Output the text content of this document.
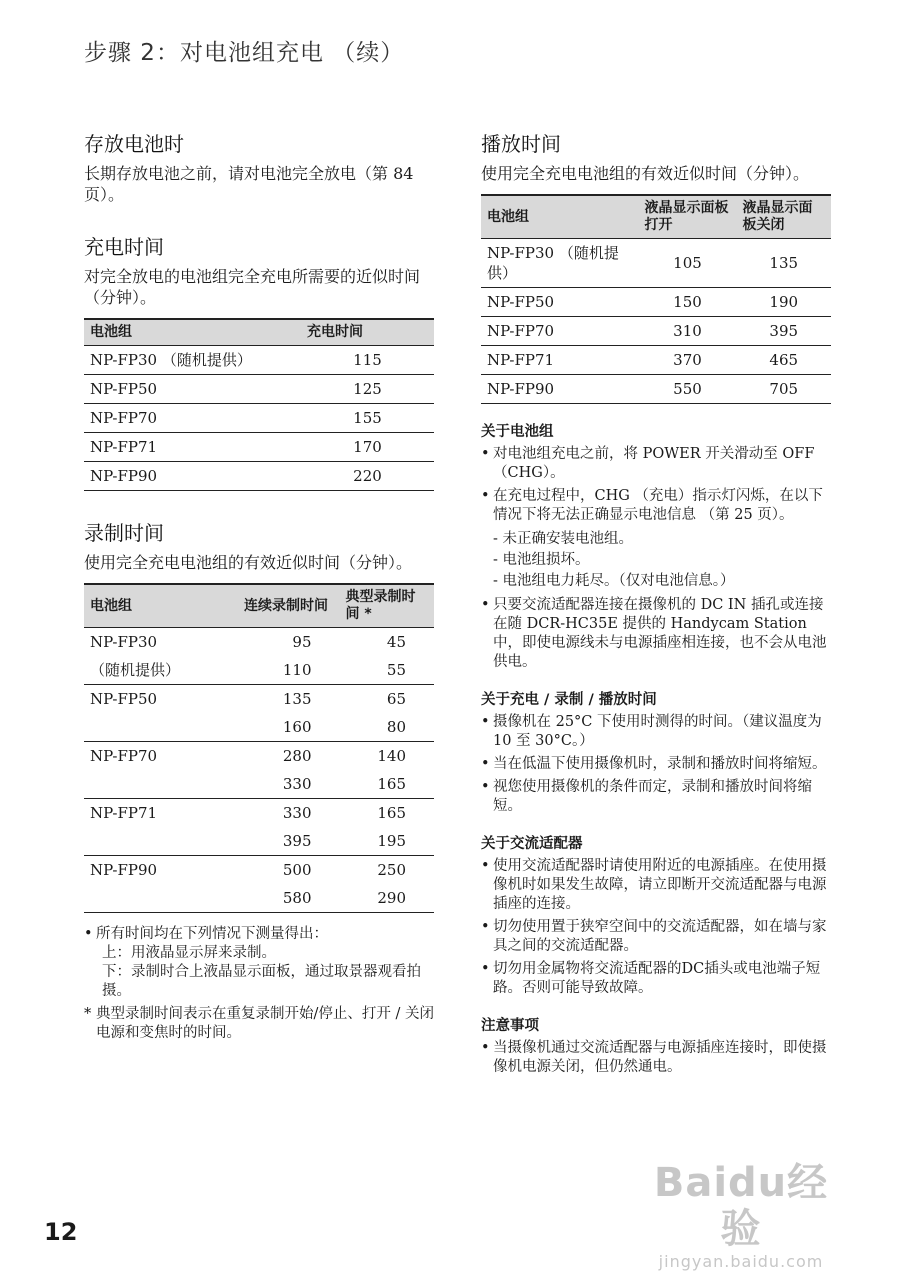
步骤 2：对电池组充电 （续）
存放电池时

长期存放电池之前，请对电池完全放电（第 84 页）。

充电时间

对完全放电的电池组完全充电所需要的近似时间 （分钟）。

电池组	充电时间
NP-FP30 （随机提供）	115
NP-FP50	125
NP-FP70	155
NP-FP71	170
NP-FP90	220
录制时间

使用完全充电电池组的有效近似时间（分钟）。

电池组	连续录制时间	典型录制时间 *
NP-FP30	95	45
（随机提供）	110	55
NP-FP50	135	65
	160	80
NP-FP70	280	140
	330	165
NP-FP71	330	165
	395	195
NP-FP90	500	250
	580	290
• 所有时间均在下列情况下测量得出：
上：用液晶显示屏来录制。
下：录制时合上液晶显示面板，通过取景器观看拍摄。
* 典型录制时间表示在重复录制开始/停止、打开 / 关闭电源和变焦时的时间。
播放时间

使用完全充电电池组的有效近似时间（分钟）。

电池组	液晶显示面板打开	液晶显示面板关闭
NP-FP30 （随机提供）	105	135
NP-FP50	150	190
NP-FP70	310	395
NP-FP71	370	465
NP-FP90	550	705
关于电池组
• 对电池组充电之前，将 POWER 开关滑动至 OFF （CHG）。
• 在充电过程中，CHG （充电）指示灯闪烁，在以下情况下将无法正确显示电池信息 （第 25 页）。
- 未正确安装电池组。
- 电池组损坏。
- 电池组电力耗尽。（仅对电池信息。）
• 只要交流适配器连接在摄像机的 DC IN 插孔或连接在随 DCR-HC35E 提供的 Handycam Station 中，即使电源线未与电源插座相连接，也不会从电池供电。
关于充电 / 录制 / 播放时间
• 摄像机在 25°C 下使用时测得的时间。（建议温度为 10 至 30°C。）
• 当在低温下使用摄像机时，录制和播放时间将缩短。
• 视您使用摄像机的条件而定，录制和播放时间将缩短。
关于交流适配器
• 使用交流适配器时请使用附近的电源插座。在使用摄像机时如果发生故障，请立即断开交流适配器与电源插座的连接。
• 切勿使用置于狭窄空间中的交流适配器，如在墙与家具之间的交流适配器。
• 切勿用金属物将交流适配器的DC插头或电池端子短路。否则可能导致故障。
注意事项
• 当摄像机通过交流适配器与电源插座连接时，即使摄像机电源关闭，但仍然通电。
12
Baidu经验
jingyan.baidu.com
